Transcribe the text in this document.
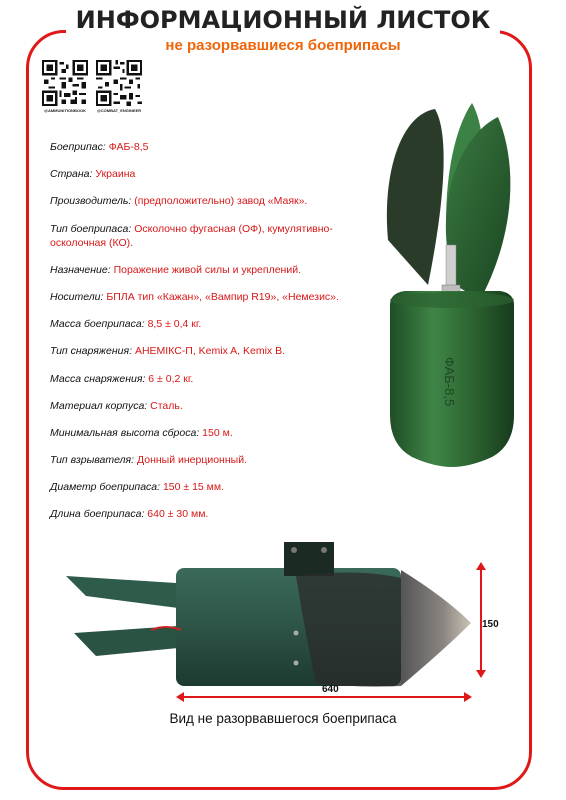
ИНФОРМАЦИОННЫЙ ЛИСТОК
не разорвавшиеся боеприпасы
@AMMUNITIONBOOK	@COMBAT_ENGINEER
Боеприпас: ФАБ-8,5
Страна: Украина
Производитель: (предположительно) завод «Маяк».
Тип боеприпаса: Осколочно фугасная (ОФ), кумулятивно-осколочная (КО).
Назначение: Поражение живой силы и укреплений.
Носители: БПЛА тип «Кажан», «Вампир R19», «Немезис».
Масса боеприпаса: 8,5 ± 0,4 кг.
Тип снаряжения: АНЕМІКС-П, Kemix A, Kemix B.
Масса снаряжения: 6 ± 0,2 кг.
Материал корпуса: Сталь.
Минимальная высота сброса: 150 м.
Тип взрывателя: Донный инерционный.
Диаметр боеприпаса: 150 ± 15 мм.
Длина боеприпаса: 640 ± 30 мм.
ФАБ-8,5
150
640
Вид не разорвавшегося боеприпаса
